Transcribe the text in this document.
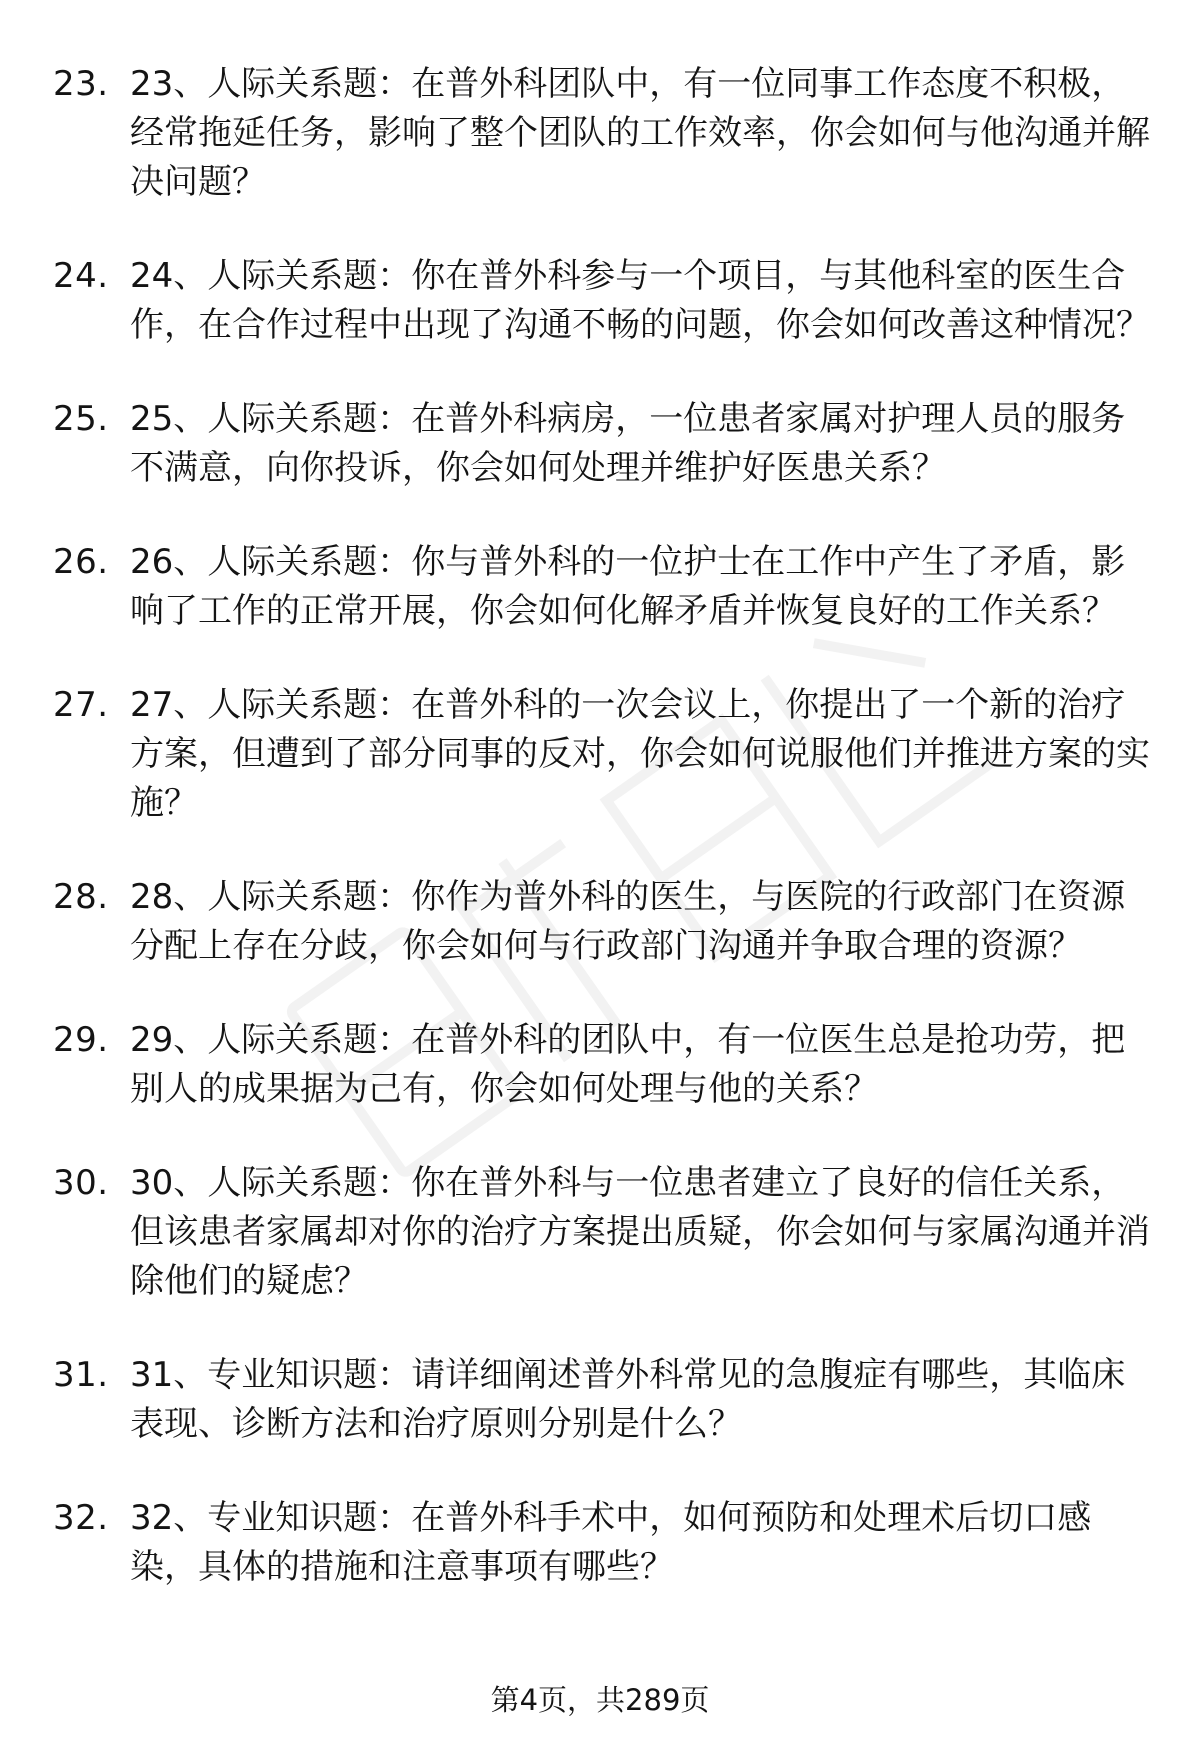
23. 23、人际关系题：在普外科团队中，有一位同事工作态度不积极，经常拖延任务，影响了整个团队的工作效率，你会如何与他沟通并解决问题？

24. 24、人际关系题：你在普外科参与一个项目，与其他科室的医生合作，在合作过程中出现了沟通不畅的问题，你会如何改善这种情况？

25. 25、人际关系题：在普外科病房，一位患者家属对护理人员的服务不满意，向你投诉，你会如何处理并维护好医患关系？

26. 26、人际关系题：你与普外科的一位护士在工作中产生了矛盾，影响了工作的正常开展，你会如何化解矛盾并恢复良好的工作关系？

27. 27、人际关系题：在普外科的一次会议上，你提出了一个新的治疗方案，但遭到了部分同事的反对，你会如何说服他们并推进方案的实施？

28. 28、人际关系题：你作为普外科的医生，与医院的行政部门在资源分配上存在分歧，你会如何与行政部门沟通并争取合理的资源？

29. 29、人际关系题：在普外科的团队中，有一位医生总是抢功劳，把别人的成果据为己有，你会如何处理与他的关系？

30. 30、人际关系题：你在普外科与一位患者建立了良好的信任关系，但该患者家属却对你的治疗方案提出质疑，你会如何与家属沟通并消除他们的疑虑？

31. 31、专业知识题：请详细阐述普外科常见的急腹症有哪些，其临床表现、诊断方法和治疗原则分别是什么？

32. 32、专业知识题：在普外科手术中，如何预防和处理术后切口感染，具体的措施和注意事项有哪些？

第4页，共289页
